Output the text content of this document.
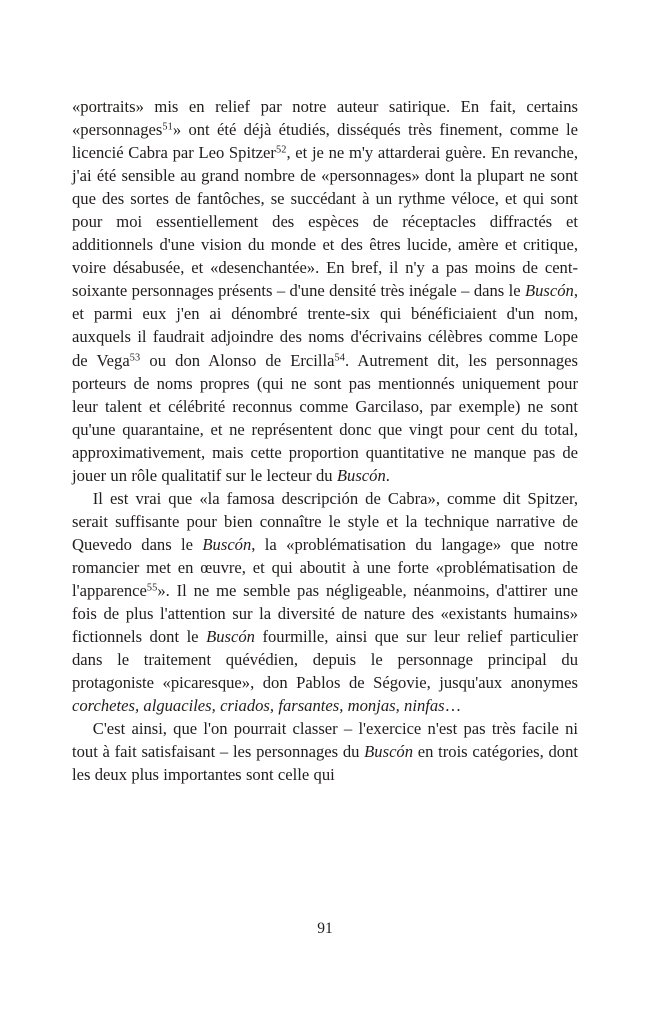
«portraits» mis en relief par notre auteur satirique. En fait, certains «personnages$^{51}$» ont été déjà étudiés, disséqués très finement, comme le licencié Cabra par Leo Spitzer$^{52}$, et je ne m'y attarderai guère. En revanche, j'ai été sensible au grand nombre de «personnages» dont la plupart ne sont que des sortes de fantôches, se succédant à un rythme véloce, et qui sont pour moi essentiellement des espèces de réceptacles diffractés et additionnels d'une vision du monde et des êtres lucide, amère et critique, voire désabusée, et «desenchantée». En bref, il n'y a pas moins de cent-soixante personnages présents – d'une densité très inégale – dans le Buscón, et parmi eux j'en ai dénombré trente-six qui bénéficiaient d'un nom, auxquels il faudrait adjoindre des noms d'écrivains célèbres comme Lope de Vega$^{53}$ ou don Alonso de Ercilla$^{54}$. Autrement dit, les personnages porteurs de noms propres (qui ne sont pas mentionnés uniquement pour leur talent et célébrité reconnus comme Garcilaso, par exemple) ne sont qu'une quarantaine, et ne représentent donc que vingt pour cent du total, approximativement, mais cette proportion quantitative ne manque pas de jouer un rôle qualitatif sur le lecteur du Buscón.

Il est vrai que «la famosa descripción de Cabra», comme dit Spitzer, serait suffisante pour bien connaître le style et la technique narrative de Quevedo dans le Buscón, la «problématisation du langage» que notre romancier met en œuvre, et qui aboutit à une forte «problématisation de l'apparence$^{55}$». Il ne me semble pas négligeable, néanmoins, d'attirer une fois de plus l'attention sur la diversité de nature des «existants humains» fictionnels dont le Buscón fourmille, ainsi que sur leur relief particulier dans le traitement quévédien, depuis le personnage principal du protagoniste «picaresque», don Pablos de Ségovie, jusqu'aux anonymes corchetes, alguaciles, criados, farsantes, monjas, ninfas…

C'est ainsi, que l'on pourrait classer – l'exercice n'est pas très facile ni tout à fait satisfaisant – les personnages du Buscón en trois catégories, dont les deux plus importantes sont celle qui

91
